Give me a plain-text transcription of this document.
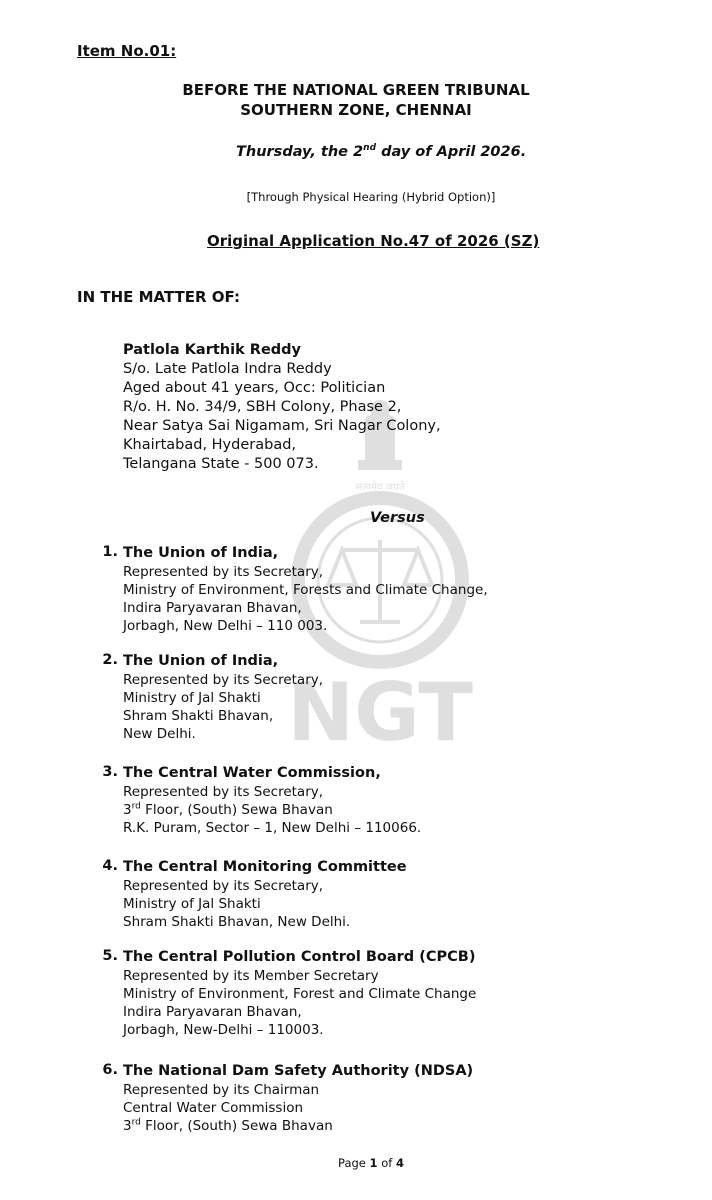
सत्यमेव जयते
NGT
Item No.01:
BEFORE THE NATIONAL GREEN TRIBUNAL
SOUTHERN ZONE, CHENNAI
Thursday, the 2nd day of April 2026.
[Through Physical Hearing (Hybrid Option)]
Original Application No.47 of 2026 (SZ)
IN THE MATTER OF:
Patlola Karthik Reddy
S/o. Late Patlola Indra Reddy
Aged about 41 years, Occ: Politician
R/o. H. No. 34/9, SBH Colony, Phase 2,
Near Satya Sai Nigamam, Sri Nagar Colony,
Khairtabad, Hyderabad,
Telangana State - 500 073.
Versus
1. The Union of India,
Represented by its Secretary,
Ministry of Environment, Forests and Climate Change,
Indira Paryavaran Bhavan,
Jorbagh, New Delhi – 110 003.
2. The Union of India,
Represented by its Secretary,
Ministry of Jal Shakti
Shram Shakti Bhavan,
New Delhi.
3. The Central Water Commission,
Represented by its Secretary,
3rd Floor, (South) Sewa Bhavan
R.K. Puram, Sector – 1, New Delhi – 110066.
4. The Central Monitoring Committee
Represented by its Secretary,
Ministry of Jal Shakti
Shram Shakti Bhavan, New Delhi.
5. The Central Pollution Control Board (CPCB)
Represented by its Member Secretary
Ministry of Environment, Forest and Climate Change
Indira Paryavaran Bhavan,
Jorbagh, New-Delhi – 110003.
6. The National Dam Safety Authority (NDSA)
Represented by its Chairman
Central Water Commission
3rd Floor, (South) Sewa Bhavan
Page 1 of 4
